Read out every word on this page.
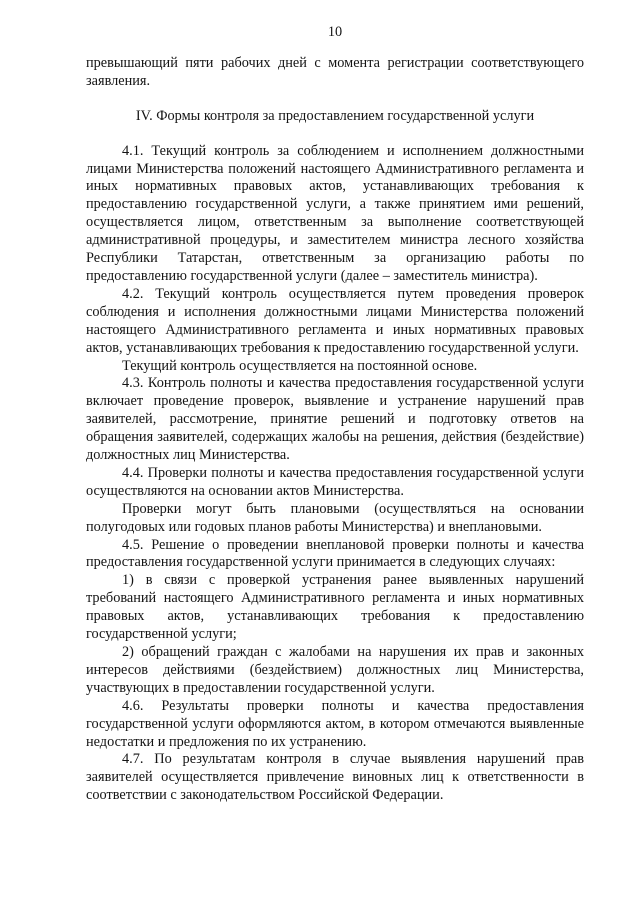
10

превышающий пяти рабочих дней с момента регистрации соответствующего заявления.

IV. Формы контроля за предоставлением государственной услуги

4.1. Текущий контроль за соблюдением и исполнением должностными лицами Министерства положений настоящего Административного регламента и иных нормативных правовых актов, устанавливающих требования к предоставлению государственной услуги, а также принятием ими решений, осуществляется лицом, ответственным за выполнение соответствующей административной процедуры, и заместителем министра лесного хозяйства Республики Татарстан, ответственным за организацию работы по предоставлению государственной услуги (далее – заместитель министра).

4.2. Текущий контроль осуществляется путем проведения проверок соблюдения и исполнения должностными лицами Министерства положений настоящего Административного регламента и иных нормативных правовых актов, устанавливающих требования к предоставлению государственной услуги.

Текущий контроль осуществляется на постоянной основе.

4.3. Контроль полноты и качества предоставления государственной услуги включает проведение проверок, выявление и устранение нарушений прав заявителей, рассмотрение, принятие решений и подготовку ответов на обращения заявителей, содержащих жалобы на решения, действия (бездействие) должностных лиц Министерства.

4.4. Проверки полноты и качества предоставления государственной услуги осуществляются на основании актов Министерства.

Проверки могут быть плановыми (осуществляться на основании полугодовых или годовых планов работы Министерства) и внеплановыми.

4.5. Решение о проведении внеплановой проверки полноты и качества предоставления государственной услуги принимается в следующих случаях:

1) в связи с проверкой устранения ранее выявленных нарушений требований настоящего Административного регламента и иных нормативных правовых актов, устанавливающих требования к предоставлению государственной услуги;

2) обращений граждан с жалобами на нарушения их прав и законных интересов действиями (бездействием) должностных лиц Министерства, участвующих в предоставлении государственной услуги.

4.6. Результаты проверки полноты и качества предоставления государственной услуги оформляются актом, в котором отмечаются выявленные недостатки и предложения по их устранению.

4.7. По результатам контроля в случае выявления нарушений прав заявителей осуществляется привлечение виновных лиц к ответственности в соответствии с законодательством Российской Федерации.
